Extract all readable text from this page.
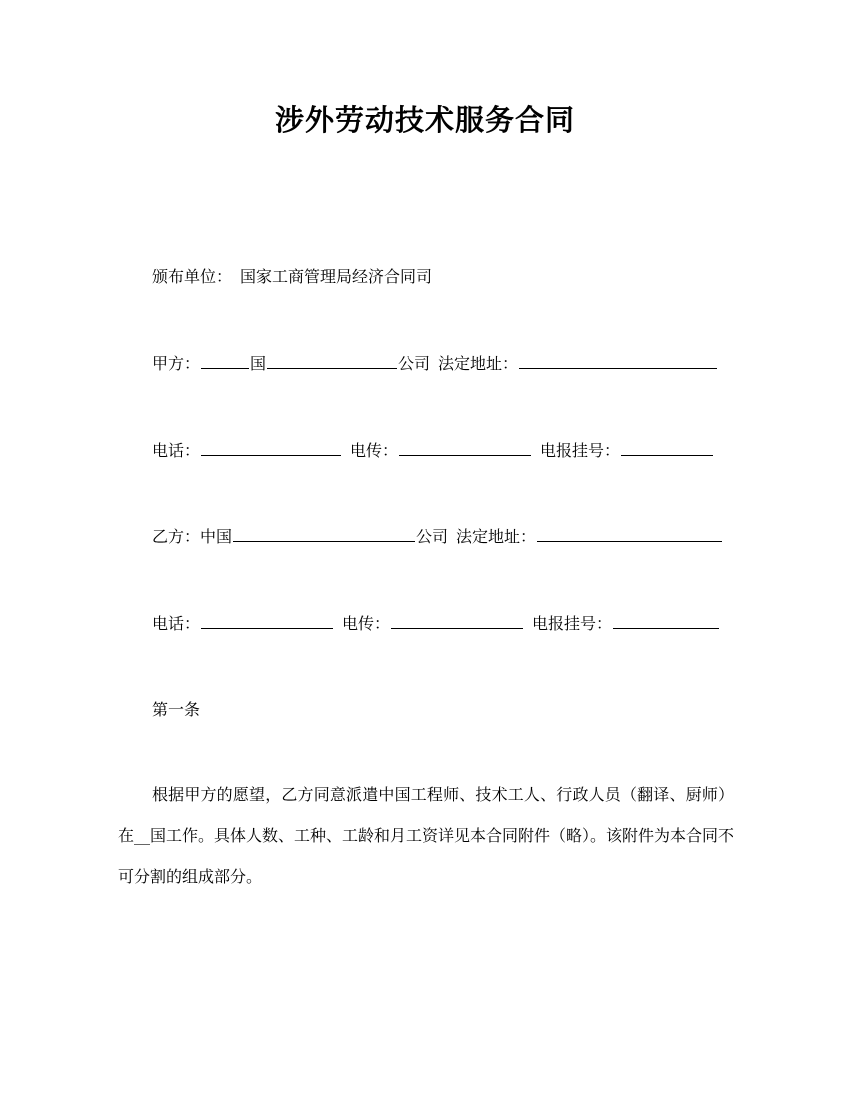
涉外劳动技术服务合同
颁布单位： 国家工商管理局经济合同司
甲方：	国	公司 法定地址：
电话：	电传：	电报挂号：
乙方：中国	公司 法定地址：
电话：	电传：	电报挂号：
第一条
根据甲方的愿望，乙方同意派遣中国工程师、技术工人、行政人员（翻译、厨师）在__国工作。具体人数、工种、工龄和月工资详见本合同附件（略）。该附件为本合同不可分割的组成部分。
